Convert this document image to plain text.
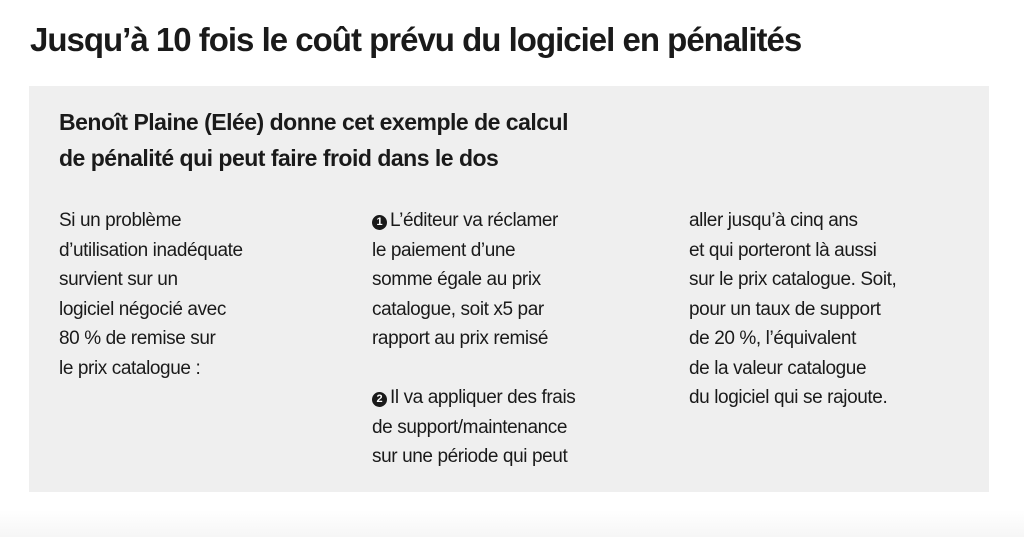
Jusqu’à 10 fois le coût prévu du logiciel en pénalités
Benoît Plaine (Elée) donne cet exemple de calcul
de pénalité qui peut faire froid dans le dos
Si un problème
d’utilisation inadéquate
survient sur un
logiciel négocié avec
80 % de remise sur
le prix catalogue :
1 L’éditeur va réclamer
le paiement d’une
somme égale au prix
catalogue, soit x5 par
rapport au prix remisé
2 Il va appliquer des frais
de support/maintenance
sur une période qui peut
aller jusqu’à cinq ans
et qui porteront là aussi
sur le prix catalogue. Soit,
pour un taux de support
de 20 %, l’équivalent
de la valeur catalogue
du logiciel qui se rajoute.
